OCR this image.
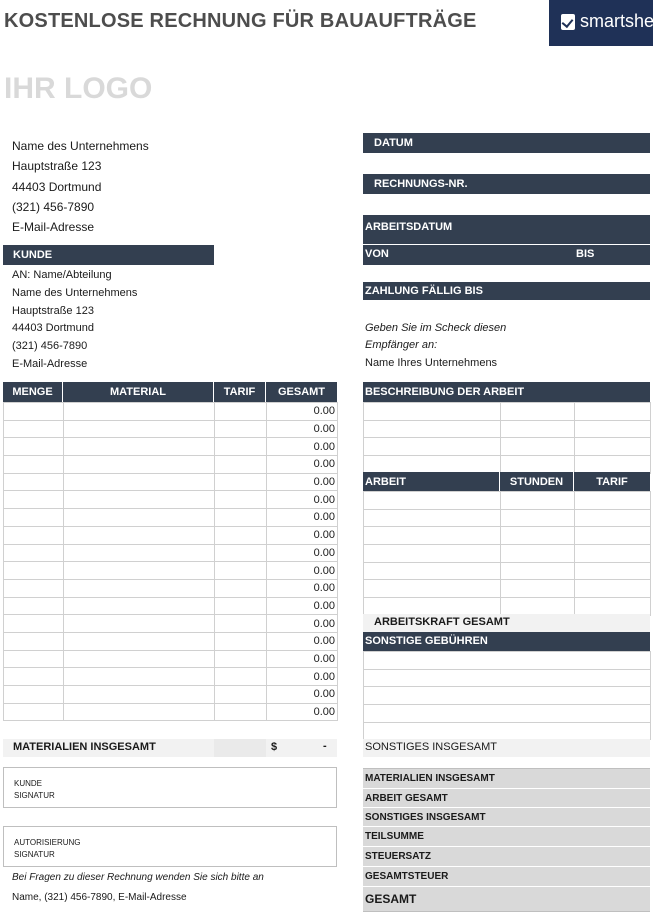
KOSTENLOSE RECHNUNG FÜR BAUAUFTRÄGE	smartsheet
IHR LOGO
Name des Unternehmens
Hauptstraße 123
44403 Dortmund
(321) 456-7890
E-Mail-Adresse
KUNDE
AN: Name/Abteilung
Name des Unternehmens
Hauptstraße 123
44403 Dortmund
(321) 456-7890
E-Mail-Adresse
DATUM
RECHNUNGS-NR.
ARBEITSDATUM
VON	BIS
ZAHLUNG FÄLLIG BIS
Geben Sie im Scheck diesen
Empfänger an:
Name Ihres Unternehmens
MENGE	MATERIAL	TARIF	GESAMT
			0.00
			0.00
			0.00
			0.00
			0.00
			0.00
			0.00
			0.00
			0.00
			0.00
			0.00
			0.00
			0.00
			0.00
			0.00
			0.00
			0.00
			0.00
MATERIALIEN INSGESAMT	$	-
BESCHREIBUNG DER ARBEIT

ARBEIT	STUNDEN	TARIF

ARBEITSKRAFT GESAMT
SONSTIGE GEBÜHREN

SONSTIGES INSGESAMT
KUNDE
SIGNATUR
AUTORISIERUNG
SIGNATUR
Bei Fragen zu dieser Rechnung wenden Sie sich bitte an
Name, (321) 456-7890, E-Mail-Adresse
MATERIALIEN INSGESAMT
ARBEIT GESAMT
SONSTIGES INSGESAMT
TEILSUMME
STEUERSATZ
GESAMTSTEUER
GESAMT
